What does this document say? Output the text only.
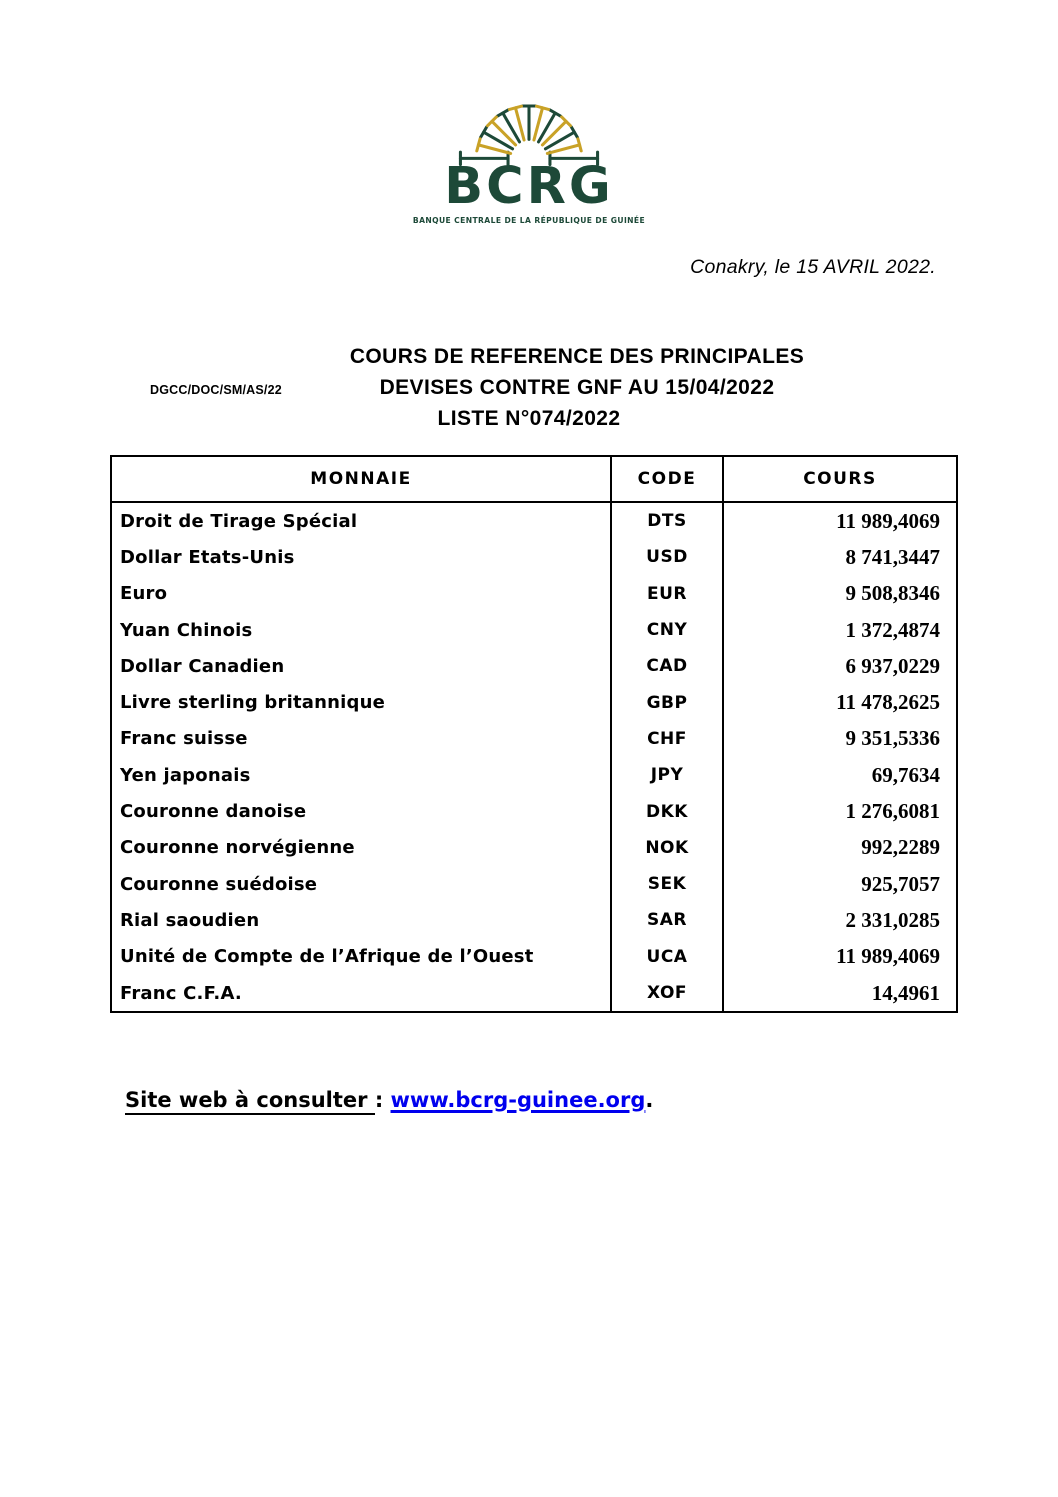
BCRG
BANQUE CENTRALE DE LA RÉPUBLIQUE DE GUINÉE
Conakry, le 15 AVRIL 2022.
DGCC/DOC/SM/AS/22
COURS DE REFERENCE DES PRINCIPALES
DEVISES CONTRE GNF AU 15/04/2022
LISTE N°074/2022
MONNAIE	CODE	COURS
Droit de Tirage Spécial	DTS	11 989,4069
Dollar Etats-Unis	USD	8 741,3447
Euro	EUR	9 508,8346
Yuan Chinois	CNY	1 372,4874
Dollar Canadien	CAD	6 937,0229
Livre sterling britannique	GBP	11 478,2625
Franc suisse	CHF	9 351,5336
Yen japonais	JPY	69,7634
Couronne danoise	DKK	1 276,6081
Couronne norvégienne	NOK	992,2289
Couronne suédoise	SEK	925,7057
Rial saoudien	SAR	2 331,0285
Unité de Compte de l’Afrique de l’Ouest	UCA	11 989,4069
Franc C.F.A.	XOF	14,4961
Site web à consulter : www.bcrg-guinee.org.
